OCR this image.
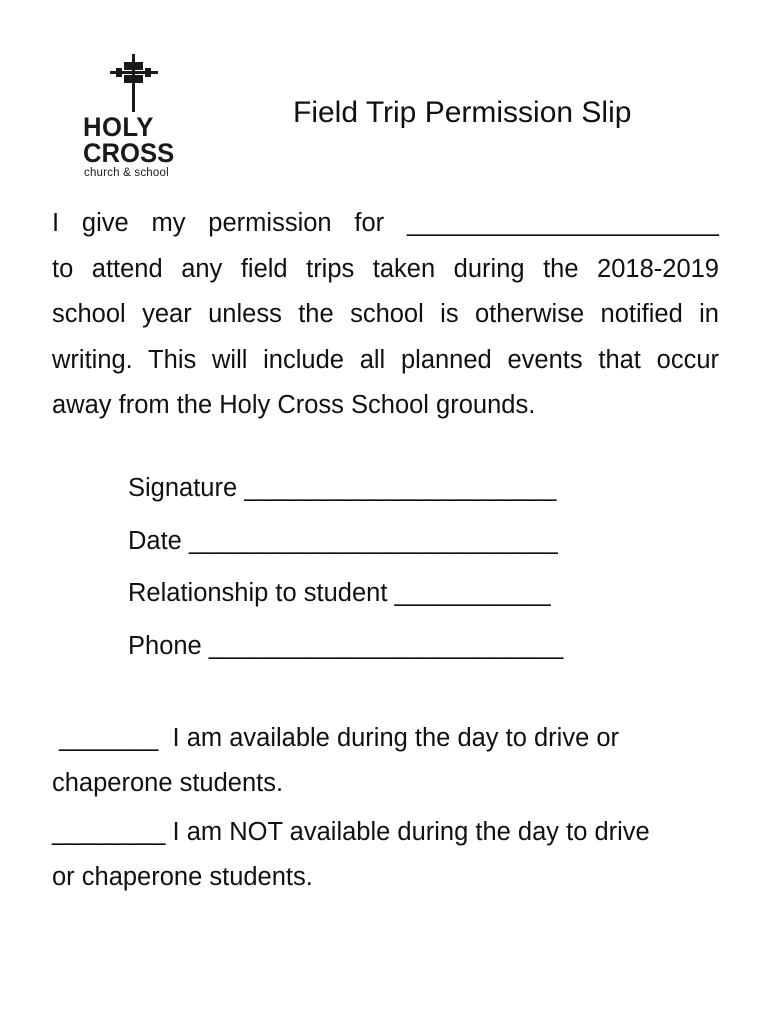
HOLY
CROSS
church & school
Field Trip Permission Slip
I give my permission for ______________________
to attend any field trips taken during the 2018-2019
school year unless the school is otherwise notified in
writing. This will include all planned events that occur
away from the Holy Cross School grounds.
Signature ______________________
Date __________________________
Relationship to student ___________
Phone _________________________
_______  I am available during the day to drive or
chaperone students.
________ I am NOT available during the day to drive
or chaperone students.
